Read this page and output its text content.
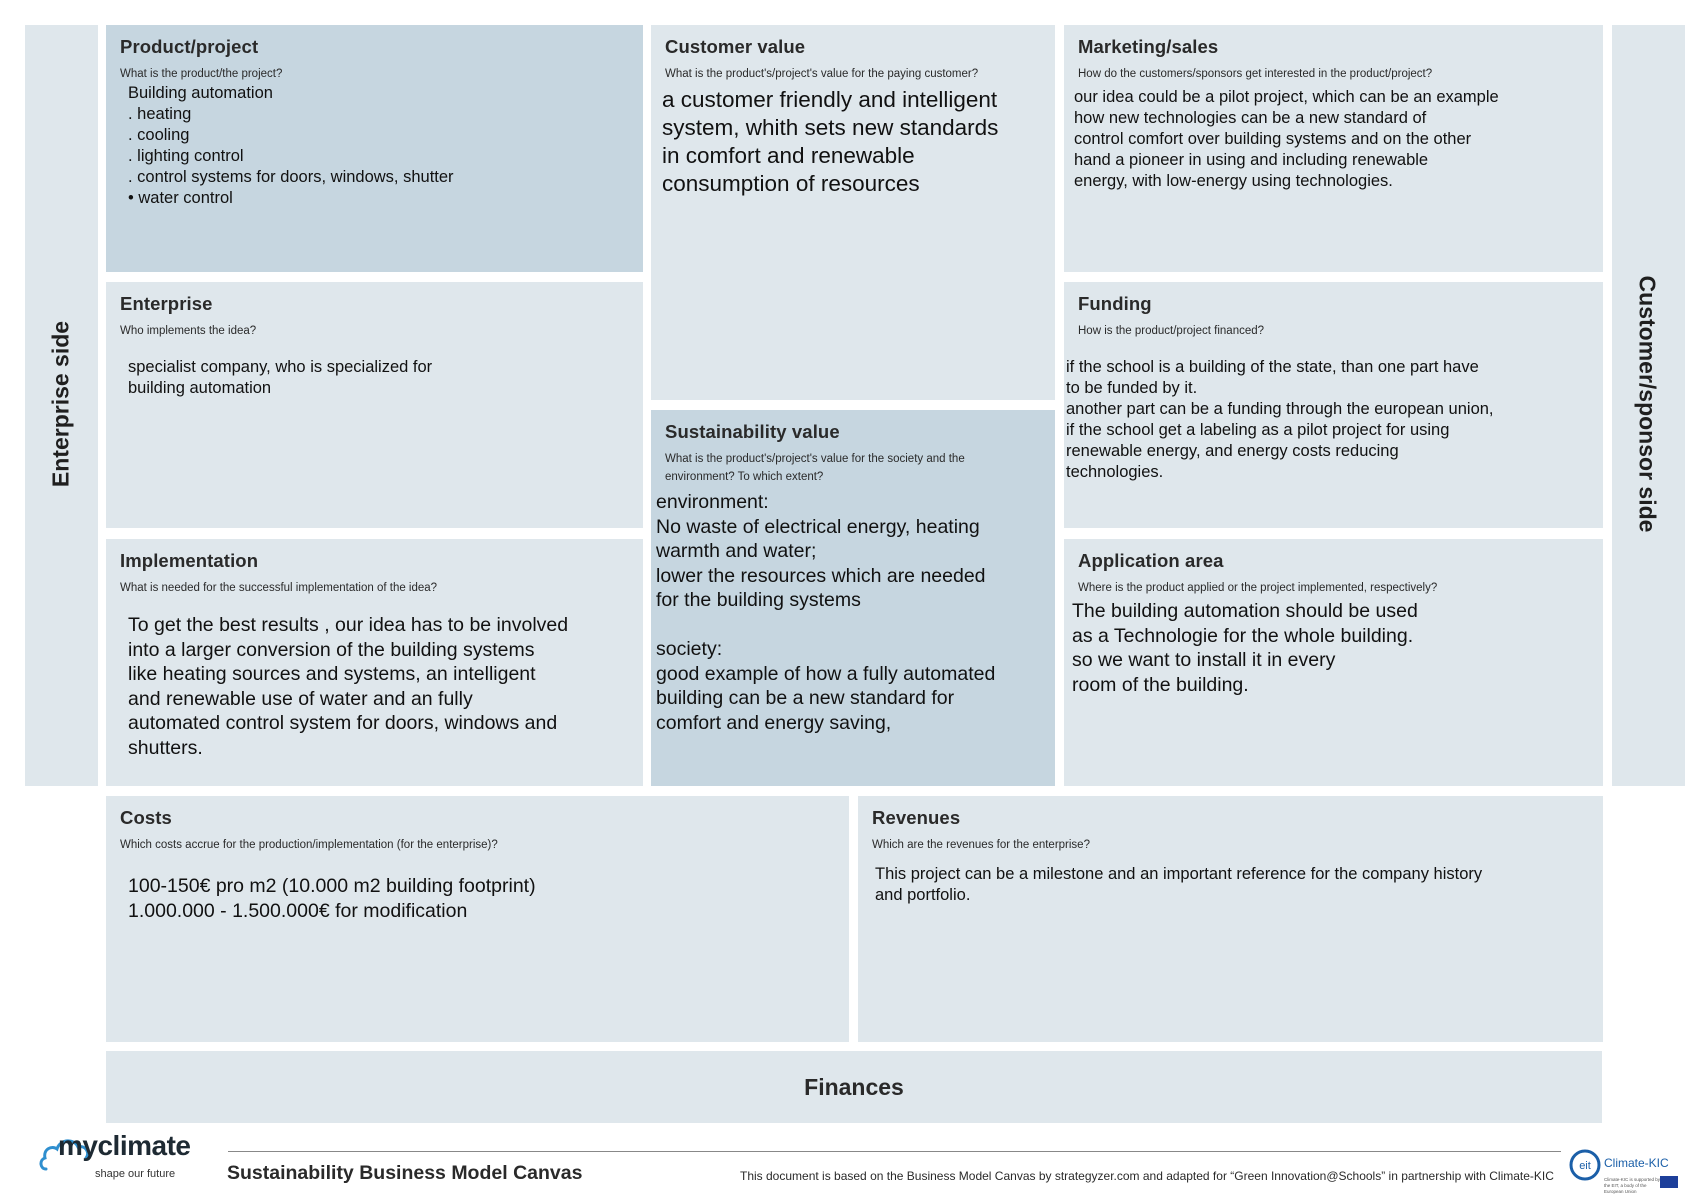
Enterprise side	Customer/sponsor side
Product/project

What is the product/the project?

Building automation
. heating
. cooling
. lighting control
. control systems for doors, windows, shutter
• water control
Customer value

What is the product's/project's value for the paying customer?

a customer friendly and intelligent
system, whith sets new standards
in comfort and renewable
consumption of resources
Marketing/sales

How do the customers/sponsors get interested in the product/project?

our idea could be a pilot project, which can be an example
how new technologies can be a new standard of
control comfort over building systems and on the other
hand a pioneer in using and including renewable
energy, with low-energy using technologies.
Enterprise

Who implements the idea?

specialist company, who is specialized for
building automation
Funding

How is the product/project financed?

if the school is a building of the state, than one part have
to be funded by it.
another part can be a funding through the european union,
if the school get a labeling as a pilot project for using
renewable energy, and energy costs reducing
technologies.
Sustainability value

What is the product's/project's value for the society and the environment? To which extent?

environment:
No waste of electrical energy, heating
warmth and water;
lower the resources which are needed
for the building systems

society:
good example of how a fully automated
building can be a new standard for
comfort and energy saving,
Implementation

What is needed for the successful implementation of the idea?

To get the best results , our idea has to be involved
into a larger conversion of the building systems
like heating sources and systems, an intelligent
and renewable use of water and an fully
automated control system for doors, windows and
shutters.
Application area

Where is the product applied or the project implemented, respectively?

The building automation should be used
as a Technologie for the whole building.
so we want to install it in every
room of the building.
Costs

Which costs accrue for the production/implementation (for the enterprise)?

100-150€ pro m2 (10.000 m2 building footprint)
1.000.000 - 1.500.000€ for modification
Revenues

Which are the revenues for the enterprise?

This project can be a milestone and an important reference for the company history
and portfolio.
Finances
myclimate
shape our future	Sustainability Business Model Canvas	This document is based on the Business Model Canvas by strategyzer.com and adapted for “Green Innovation@Schools” in partnership with Climate-KIC
eit Climate-KIC
Climate-KIC is supported by the EIT, a body of the European Union
